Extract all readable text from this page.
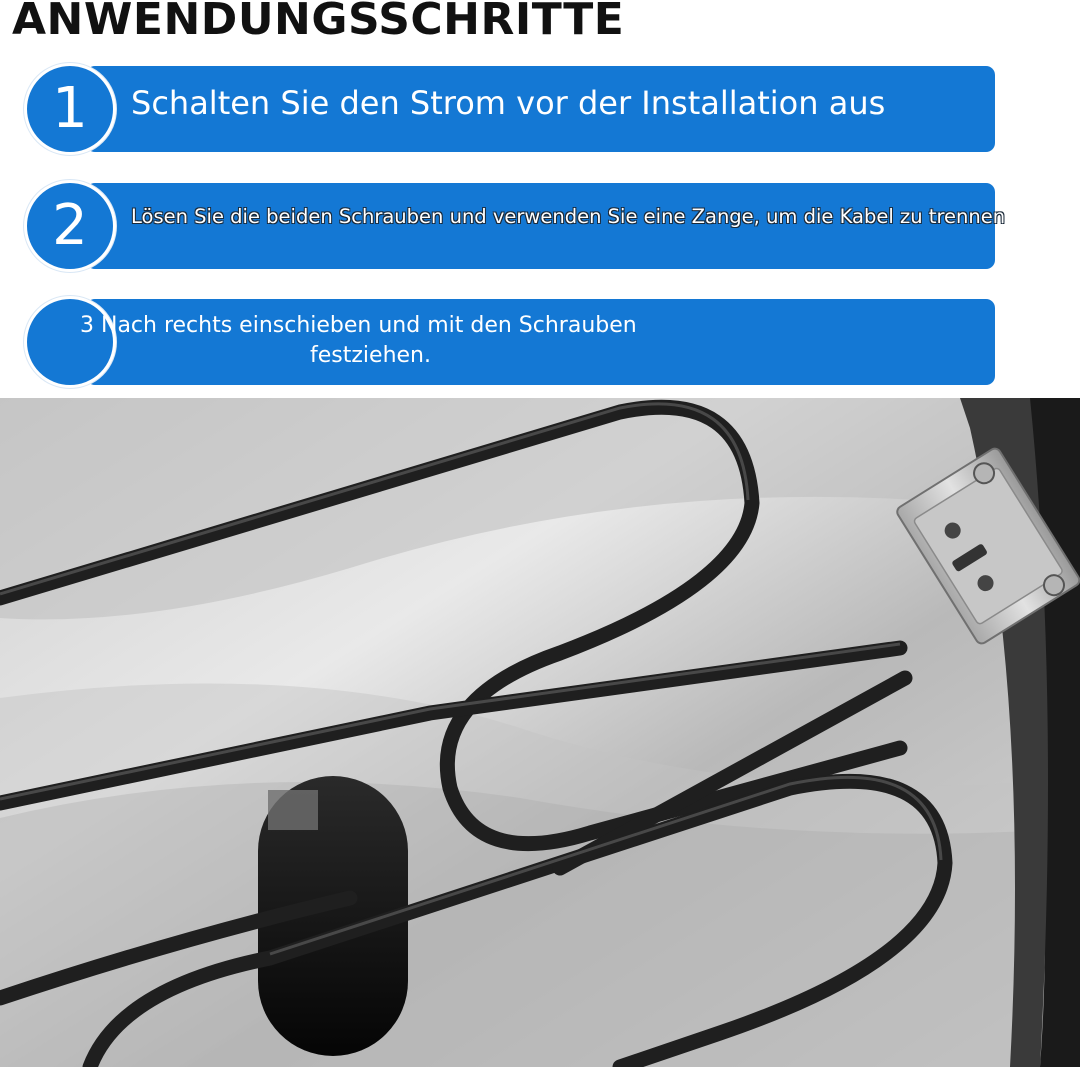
ANWENDUNGSSCHRITTE
1	Schalten Sie den Strom vor der Installation aus
2	Lösen Sie die beiden Schrauben und verwenden Sie eine Zange, um die Kabel zu trennen
3 Nach rechts einschieben und mit den Schrauben
festziehen.
